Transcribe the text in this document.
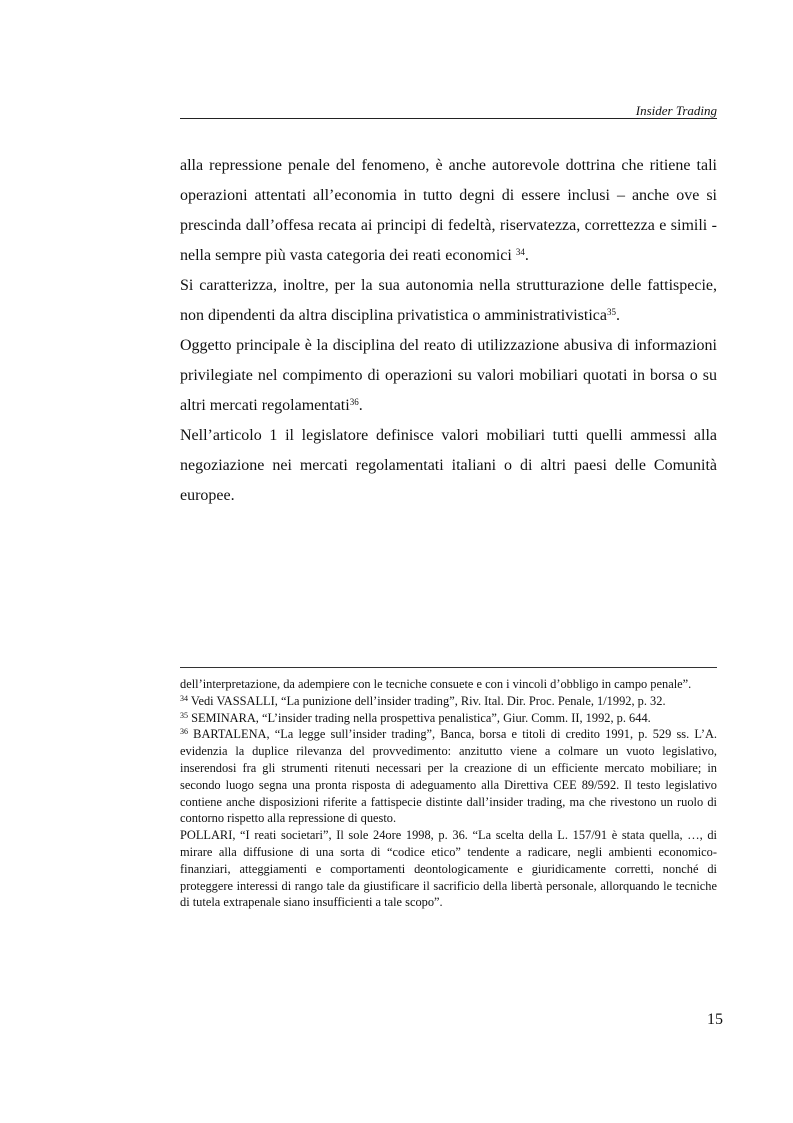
Insider Trading

alla repressione penale del fenomeno, è anche autorevole dottrina che ritiene tali operazioni attentati all’economia in tutto degni di essere inclusi – anche ove si prescinda dall’offesa recata ai principi di fedeltà, riservatezza, correttezza e simili -nella sempre più vasta categoria dei reati economici $^{34}$.

Si caratterizza, inoltre, per la sua autonomia nella strutturazione delle fattispecie, non dipendenti da altra disciplina privatistica o amministrativistica$^{35}$.

Oggetto principale è la disciplina del reato di utilizzazione abusiva di informazioni privilegiate nel compimento di operazioni su valori mobiliari quotati in borsa o su altri mercati regolamentati$^{36}$.

Nell’articolo 1 il legislatore definisce valori mobiliari tutti quelli ammessi alla negoziazione nei mercati regolamentati italiani o di altri paesi delle Comunità europee.

dell’interpretazione, da adempiere con le tecniche consuete e con i vincoli d’obbligo in campo penale”.

$^{34}$ Vedi VASSALLI, “La punizione dell’insider trading”, Riv. Ital. Dir. Proc. Penale, 1/1992, p. 32.

$^{35}$ SEMINARA, “L’insider trading nella prospettiva penalistica”, Giur. Comm. II, 1992, p. 644.

$^{36}$ BARTALENA, “La legge sull’insider trading”, Banca, borsa e titoli di credito 1991, p. 529 ss. L’A. evidenzia la duplice rilevanza del provvedimento: anzitutto viene a colmare un vuoto legislativo, inserendosi fra gli strumenti ritenuti necessari per la creazione di un efficiente mercato mobiliare; in secondo luogo segna una pronta risposta di adeguamento alla Direttiva CEE 89/592. Il testo legislativo contiene anche disposizioni riferite a fattispecie distinte dall’insider trading, ma che rivestono un ruolo di contorno rispetto alla repressione di questo.

POLLARI, “I reati societari”, Il sole 24ore 1998, p. 36. “La scelta della L. 157/91 è stata quella, …, di mirare alla diffusione di una sorta di “codice etico” tendente a radicare, negli ambienti economico-finanziari, atteggiamenti e comportamenti deontologicamente e giuridicamente corretti, nonché di proteggere interessi di rango tale da giustificare il sacrificio della libertà personale, allorquando le tecniche di tutela extrapenale siano insufficienti a tale scopo”.

15
